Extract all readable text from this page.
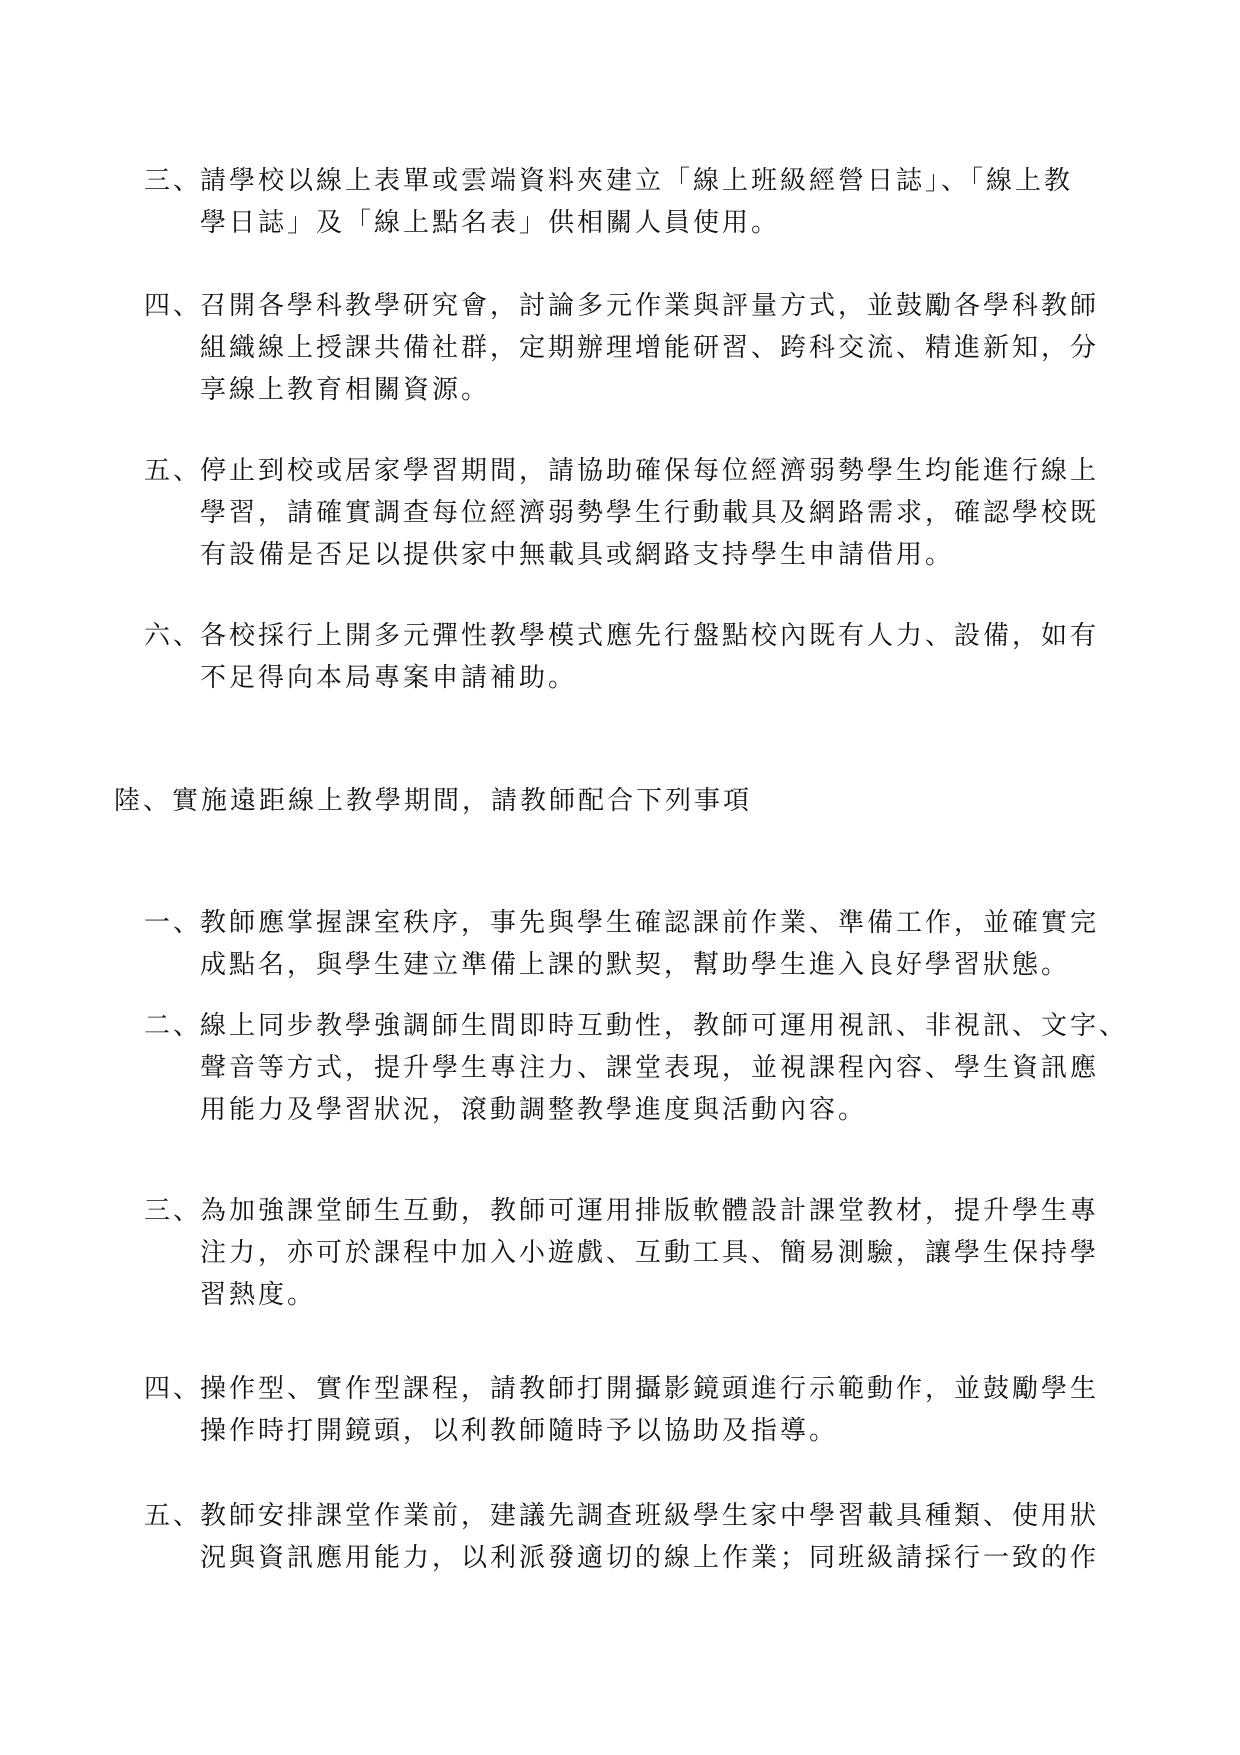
三、
請學校以線上表單或雲端資料夾建立「線上班級經營日誌」、「線上教
學日誌」及「線上點名表」供相關人員使用。
四、
召開各學科教學研究會，討論多元作業與評量方式，並鼓勵各學科教師
組織線上授課共備社群，定期辦理增能研習、跨科交流、精進新知，分
享線上教育相關資源。
五、
停止到校或居家學習期間，請協助確保每位經濟弱勢學生均能進行線上
學習，請確實調查每位經濟弱勢學生行動載具及網路需求，確認學校既
有設備是否足以提供家中無載具或網路支持學生申請借用。
六、
各校採行上開多元彈性教學模式應先行盤點校內既有人力、設備，如有
不足得向本局專案申請補助。
陸、實施遠距線上教學期間，請教師配合下列事項
一、
教師應掌握課室秩序，事先與學生確認課前作業、準備工作，並確實完
成點名，與學生建立準備上課的默契，幫助學生進入良好學習狀態。
二、
線上同步教學強調師生間即時互動性，教師可運用視訊、非視訊、文字、
聲音等方式，提升學生專注力、課堂表現，並視課程內容、學生資訊應
用能力及學習狀況，滾動調整教學進度與活動內容。
三、
為加強課堂師生互動，教師可運用排版軟體設計課堂教材，提升學生專
注力，亦可於課程中加入小遊戲、互動工具、簡易測驗，讓學生保持學
習熱度。
四、
操作型、實作型課程，請教師打開攝影鏡頭進行示範動作，並鼓勵學生
操作時打開鏡頭，以利教師隨時予以協助及指導。
五、
教師安排課堂作業前，建議先調查班級學生家中學習載具種類、使用狀
況與資訊應用能力，以利派發適切的線上作業；同班級請採行一致的作
